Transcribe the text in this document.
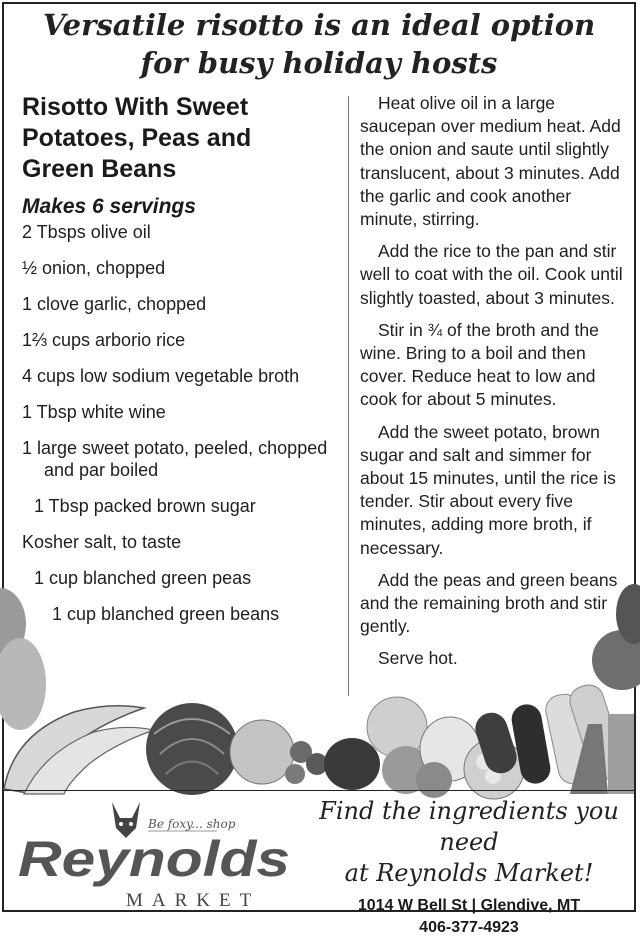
Versatile risotto is an ideal option
for busy holiday hosts
Risotto With Sweet
Potatoes, Peas and
Green Beans
Makes 6 servings
2 Tbsps olive oil
½ onion, chopped
1 clove garlic, chopped
1⅔ cups arborio rice
4 cups low sodium vegetable broth
1 Tbsp white wine
1 large sweet potato, peeled, chopped and par boiled
1 Tbsp packed brown sugar
Kosher salt, to taste
1 cup blanched green peas
1 cup blanched green beans

Heat olive oil in a large saucepan over medium heat. Add the onion and saute until slightly translucent, about 3 minutes. Add the garlic and cook another minute, stirring.

Add the rice to the pan and stir well to coat with the oil. Cook until slightly toasted, about 3 minutes.

Stir in ¾ of the broth and the wine. Bring to a boil and then cover. Reduce heat to low and cook for about 5 minutes.

Add the sweet potato, brown sugar and salt and simmer for about 15 minutes, until the rice is tender. Stir about every five minutes, adding more broth, if necessary.

Add the peas and green beans and the remaining broth and stir gently.

Serve hot.

Be foxy... shop
Reynolds
MARKET
Find the ingredients you need
at Reynolds Market!
1014 W Bell St | Glendive, MT
406-377-4923
